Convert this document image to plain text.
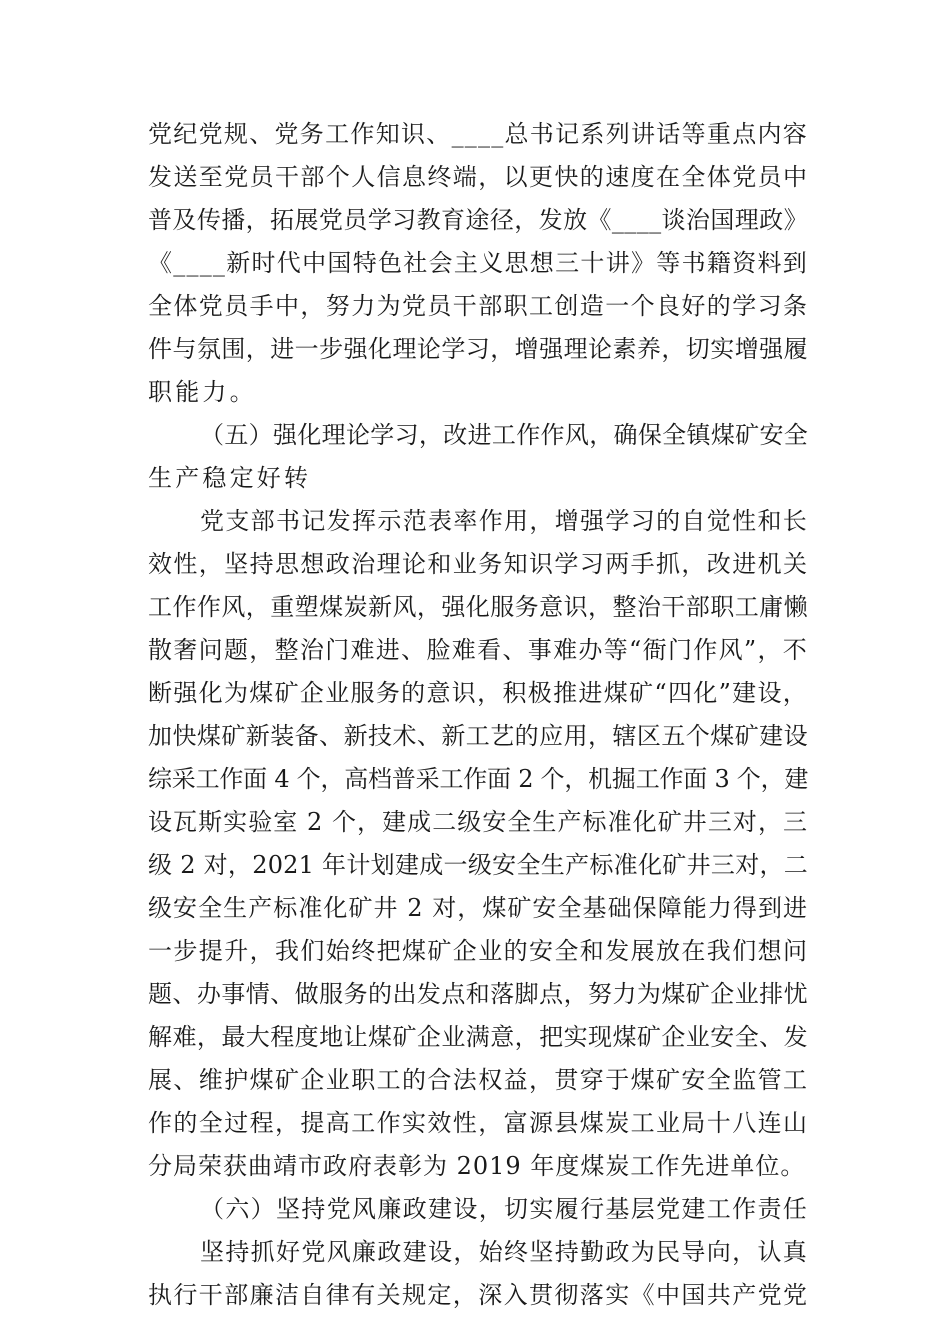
党纪党规、党务工作知识、____总书记系列讲话等重点内容
发送至党员干部个人信息终端，以更快的速度在全体党员中
普及传播，拓展党员学习教育途径，发放《____谈治国理政》
《____新时代中国特色社会主义思想三十讲》等书籍资料到
全体党员手中，努力为党员干部职工创造一个良好的学习条
件与氛围，进一步强化理论学习，增强理论素养，切实增强履
职能力。
（五）强化理论学习，改进工作作风，确保全镇煤矿安全
生产稳定好转
党支部书记发挥示范表率作用，增强学习的自觉性和长
效性，坚持思想政治理论和业务知识学习两手抓，改进机关
工作作风，重塑煤炭新风，强化服务意识，整治干部职工庸懒
散奢问题，整治门难进、脸难看、事难办等“衙门作风”，不
断强化为煤矿企业服务的意识，积极推进煤矿“四化”建设，
加快煤矿新装备、新技术、新工艺的应用，辖区五个煤矿建设
综采工作面 4 个，高档普采工作面 2 个，机掘工作面 3 个，建
设瓦斯实验室 2 个，建成二级安全生产标准化矿井三对，三
级 2 对，2021 年计划建成一级安全生产标准化矿井三对，二
级安全生产标准化矿井 2 对，煤矿安全基础保障能力得到进
一步提升，我们始终把煤矿企业的安全和发展放在我们想问
题、办事情、做服务的出发点和落脚点，努力为煤矿企业排忧
解难，最大程度地让煤矿企业满意，把实现煤矿企业安全、发
展、维护煤矿企业职工的合法权益，贯穿于煤矿安全监管工
作的全过程，提高工作实效性，富源县煤炭工业局十八连山
分局荣获曲靖市政府表彰为 2019 年度煤炭工作先进单位。
（六）坚持党风廉政建设，切实履行基层党建工作责任
坚持抓好党风廉政建设，始终坚持勤政为民导向，认真
执行干部廉洁自律有关规定，深入贯彻落实《中国共产党党
